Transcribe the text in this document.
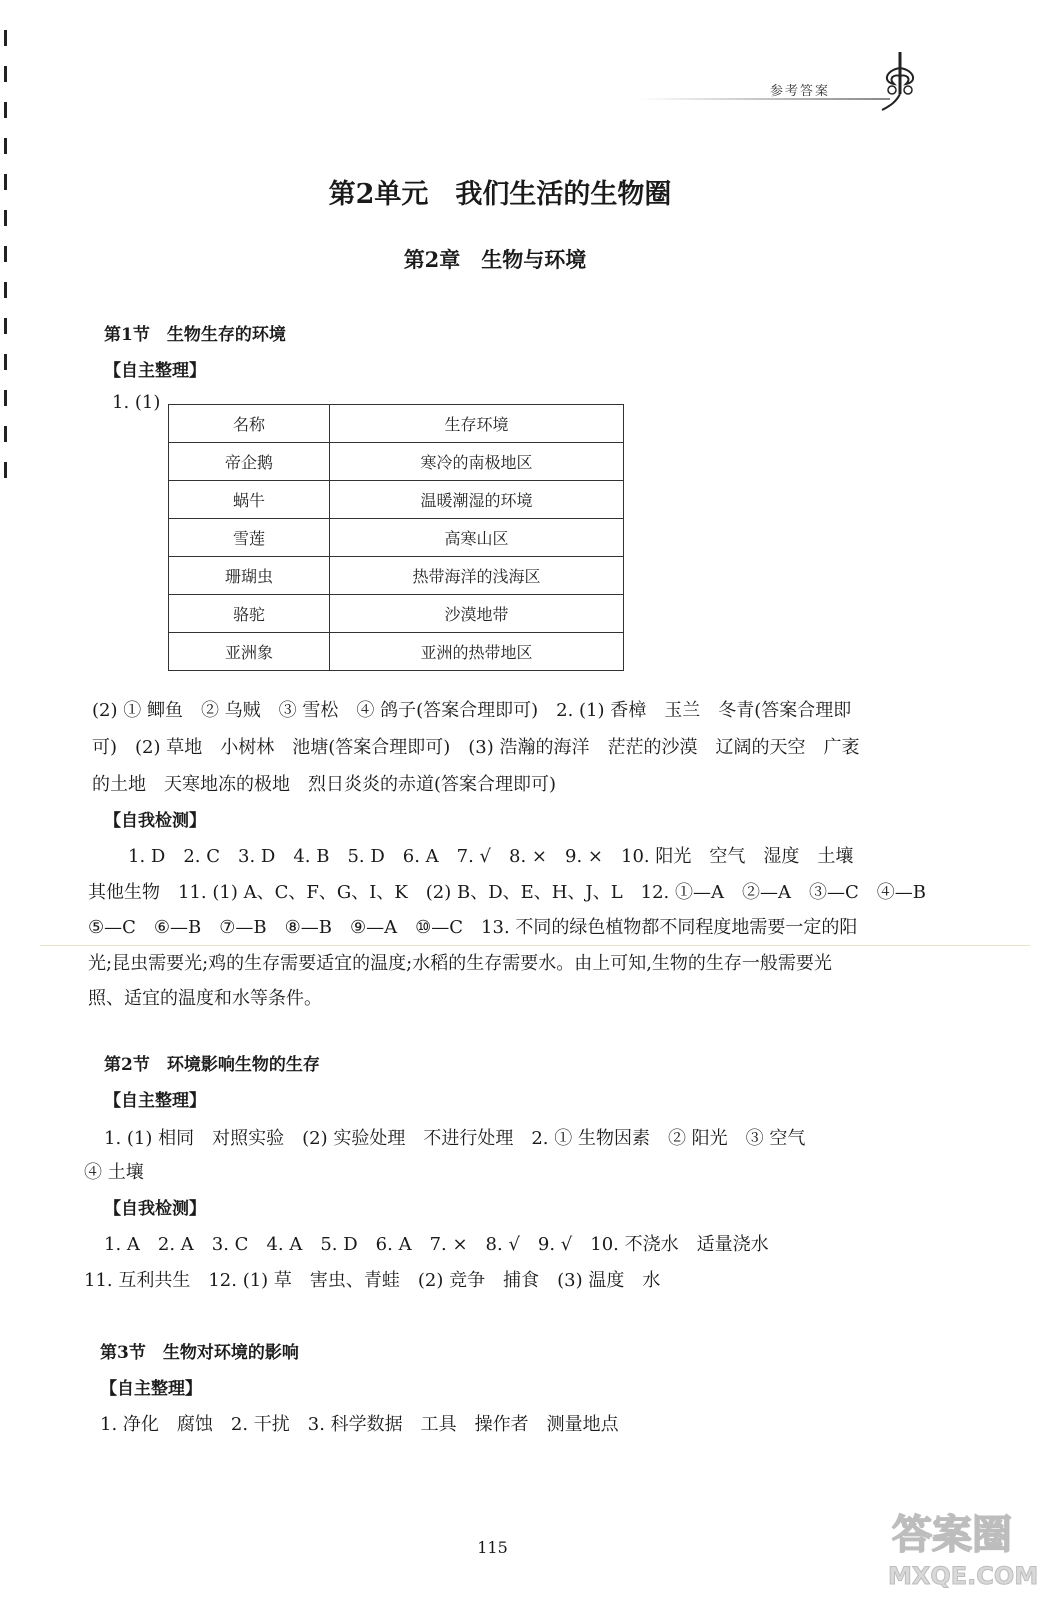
参考答案
第2单元　我们生活的生物圈
第2章　生物与环境
第1节　生物生存的环境
【自主整理】
1. (1)
名称	生存环境
帝企鹅	寒冷的南极地区
蜗牛	温暖潮湿的环境
雪莲	高寒山区
珊瑚虫	热带海洋的浅海区
骆驼	沙漠地带
亚洲象	亚洲的热带地区
(2) ① 鲫鱼　② 乌贼　③ 雪松　④ 鸽子(答案合理即可)　2. (1) 香樟　玉兰　冬青(答案合理即
可)　(2) 草地　小树林　池塘(答案合理即可)　(3) 浩瀚的海洋　茫茫的沙漠　辽阔的天空　广袤
的土地　天寒地冻的极地　烈日炎炎的赤道(答案合理即可)
【自我检测】
1. D　2. C　3. D　4. B　5. D　6. A　7. √　8. ×　9. ×　10. 阳光　空气　湿度　土壤
其他生物　11. (1) A、C、F、G、I、K　(2) B、D、E、H、J、L　12. ①—A　②—A　③—C　④—B
⑤—C　⑥—B　⑦—B　⑧—B　⑨—A　⑩—C　13. 不同的绿色植物都不同程度地需要一定的阳
光;昆虫需要光;鸡的生存需要适宜的温度;水稻的生存需要水。由上可知,生物的生存一般需要光
照、适宜的温度和水等条件。
第2节　环境影响生物的生存
【自主整理】
1. (1) 相同　对照实验　(2) 实验处理　不进行处理　2. ① 生物因素　② 阳光　③ 空气
④ 土壤
【自我检测】
1. A　2. A　3. C　4. A　5. D　6. A　7. ×　8. √　9. √　10. 不浇水　适量浇水
11. 互利共生　12. (1) 草　害虫、青蛙　(2) 竞争　捕食　(3) 温度　水
第3节　生物对环境的影响
【自主整理】
1. 净化　腐蚀　2. 干扰　3. 科学数据　工具　操作者　测量地点
115	答案圈
MXQE.COM
